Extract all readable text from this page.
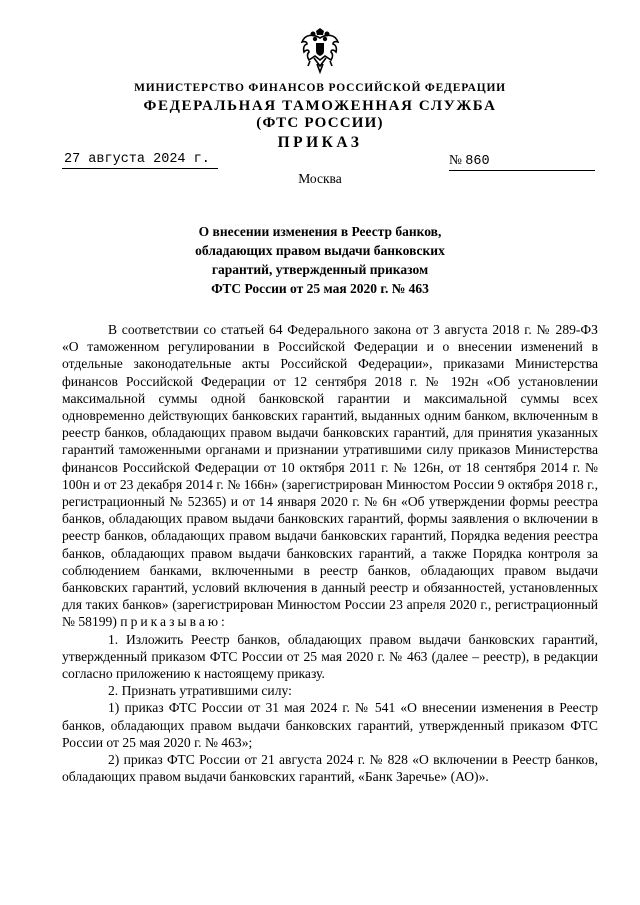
МИНИСТЕРСТВО ФИНАНСОВ РОССИЙСКОЙ ФЕДЕРАЦИИ
ФЕДЕРАЛЬНАЯ ТАМОЖЕННАЯ СЛУЖБА
(ФТС РОССИИ)
ПРИКАЗ
27 августа 2024 г.	№ 860
Москва
О внесении изменения в Реестр банков,
обладающих правом выдачи банковских
гарантий, утвержденный приказом
ФТС России от 25 мая 2020 г. № 463

В соответствии со статьей 64 Федерального закона от 3 августа 2018 г. № 289-ФЗ «О таможенном регулировании в Российской Федерации и о внесении изменений в отдельные законодательные акты Российской Федерации», приказами Министерства финансов Российской Федерации от 12 сентября 2018 г. № 192н «Об установлении максимальной суммы одной банковской гарантии и максимальной суммы всех одновременно действующих банковских гарантий, выданных одним банком, включенным в реестр банков, обладающих правом выдачи банковских гарантий, для принятия указанных гарантий таможенными органами и признании утратившими силу приказов Министерства финансов Российской Федерации от 10 октября 2011 г. № 126н, от 18 сентября 2014 г. № 100н и от 23 декабря 2014 г. № 166н» (зарегистрирован Минюстом России 9 октября 2018 г., регистрационный № 52365) и от 14 января 2020 г. № 6н «Об утверждении формы реестра банков, обладающих правом выдачи банковских гарантий, формы заявления о включении в реестр банков, обладающих правом выдачи банковских гарантий, Порядка ведения реестра банков, обладающих правом выдачи банковских гарантий, а также Порядка контроля за соблюдением банками, включенными в реестр банков, обладающих правом выдачи банковских гарантий, условий включения в данный реестр и обязанностей, установленных для таких банков» (зарегистрирован Минюстом России 23 апреля 2020 г., регистрационный № 58199) приказываю:

1. Изложить Реестр банков, обладающих правом выдачи банковских гарантий, утвержденный приказом ФТС России от 25 мая 2020 г. № 463 (далее – реестр), в редакции согласно приложению к настоящему приказу.

2. Признать утратившими силу:

1) приказ ФТС России от 31 мая 2024 г. № 541 «О внесении изменения в Реестр банков, обладающих правом выдачи банковских гарантий, утвержденный приказом ФТС России от 25 мая 2020 г. № 463»;

2) приказ ФТС России от 21 августа 2024 г. № 828 «О включении в Реестр банков, обладающих правом выдачи банковских гарантий, «Банк Заречье» (АО)».
